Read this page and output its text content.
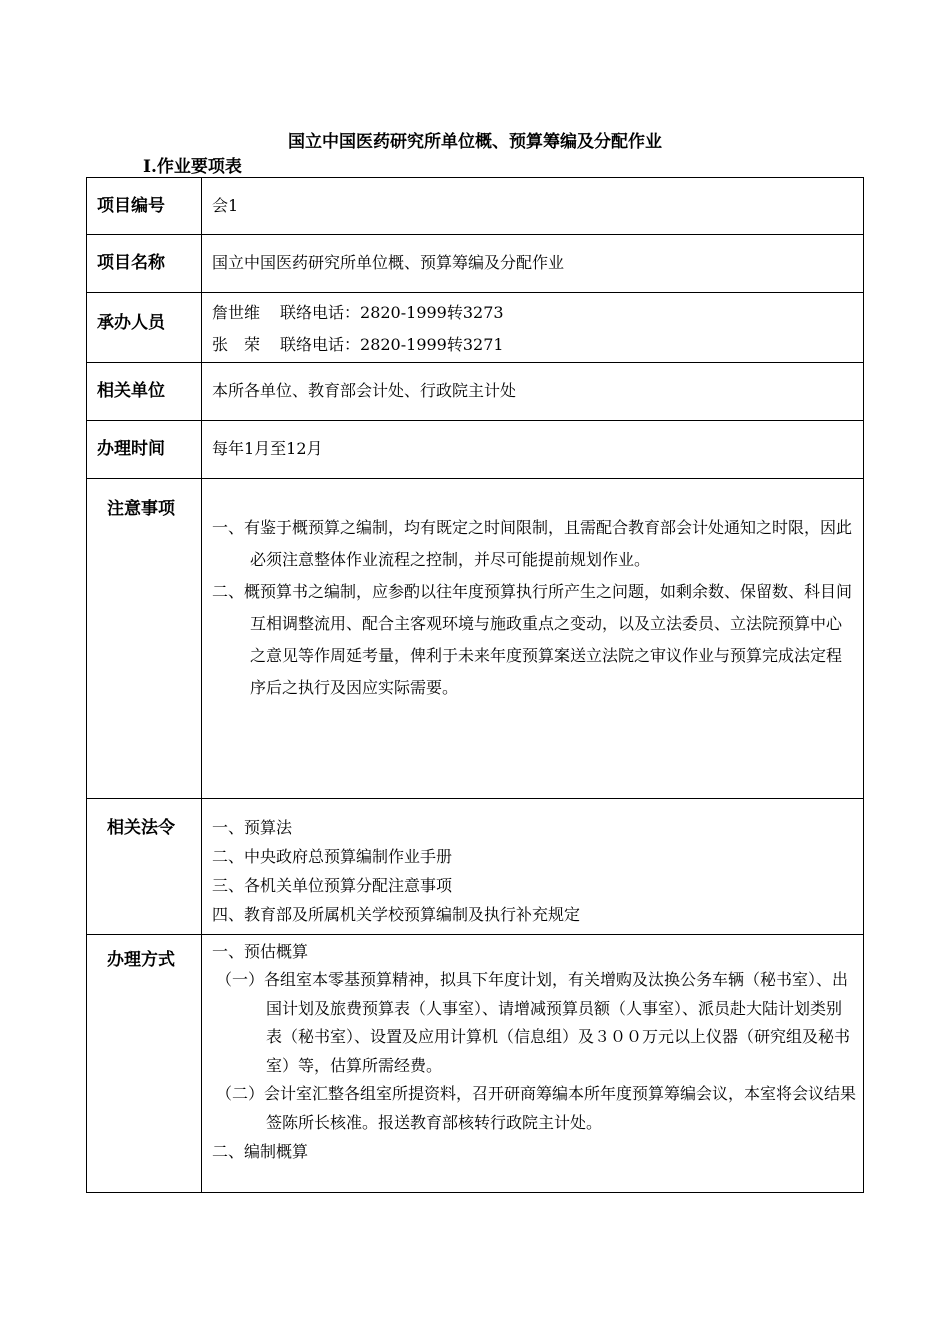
国立中国医药研究所单位概、预算筹编及分配作业
I.作业要项表
项目编号	会1

项目名称	国立中国医药研究所单位概、预算筹编及分配作业

承办人员	詹世维 联络电话：2820-1999转3273
张　荣 联络电话：2820-1999转3271

相关单位	本所各单位、教育部会计处、行政院主计处

办理时间	每年1月至12月

注意事项	一、有鉴于概预算之编制，均有既定之时间限制，且需配合教育部会计处通知之时限，因此必须注意整体作业流程之控制，并尽可能提前规划作业。
二、概预算书之编制，应参酌以往年度预算执行所产生之问题，如剩余数、保留数、科目间互相调整流用、配合主客观环境与施政重点之变动，以及立法委员、立法院预算中心之意见等作周延考量，俾利于未来年度预算案送立法院之审议作业与预算完成法定程序后之执行及因应实际需要。

相关法令	一、预算法
二、中央政府总预算编制作业手册
三、各机关单位预算分配注意事项
四、教育部及所属机关学校预算编制及执行补充规定

办理方式	一、预估概算
（一）各组室本零基预算精神，拟具下年度计划，有关增购及汰换公务车辆（秘书室）、出国计划及旅费预算表（人事室）、请增减预算员额（人事室）、派员赴大陆计划类别表（秘书室）、设置及应用计算机（信息组）及３００万元以上仪器（研究组及秘书室）等，估算所需经费。
（二）会计室汇整各组室所提资料，召开研商筹编本所年度预算筹编会议，本室将会议结果签陈所长核准。报送教育部核转行政院主计处。
二、编制概算
